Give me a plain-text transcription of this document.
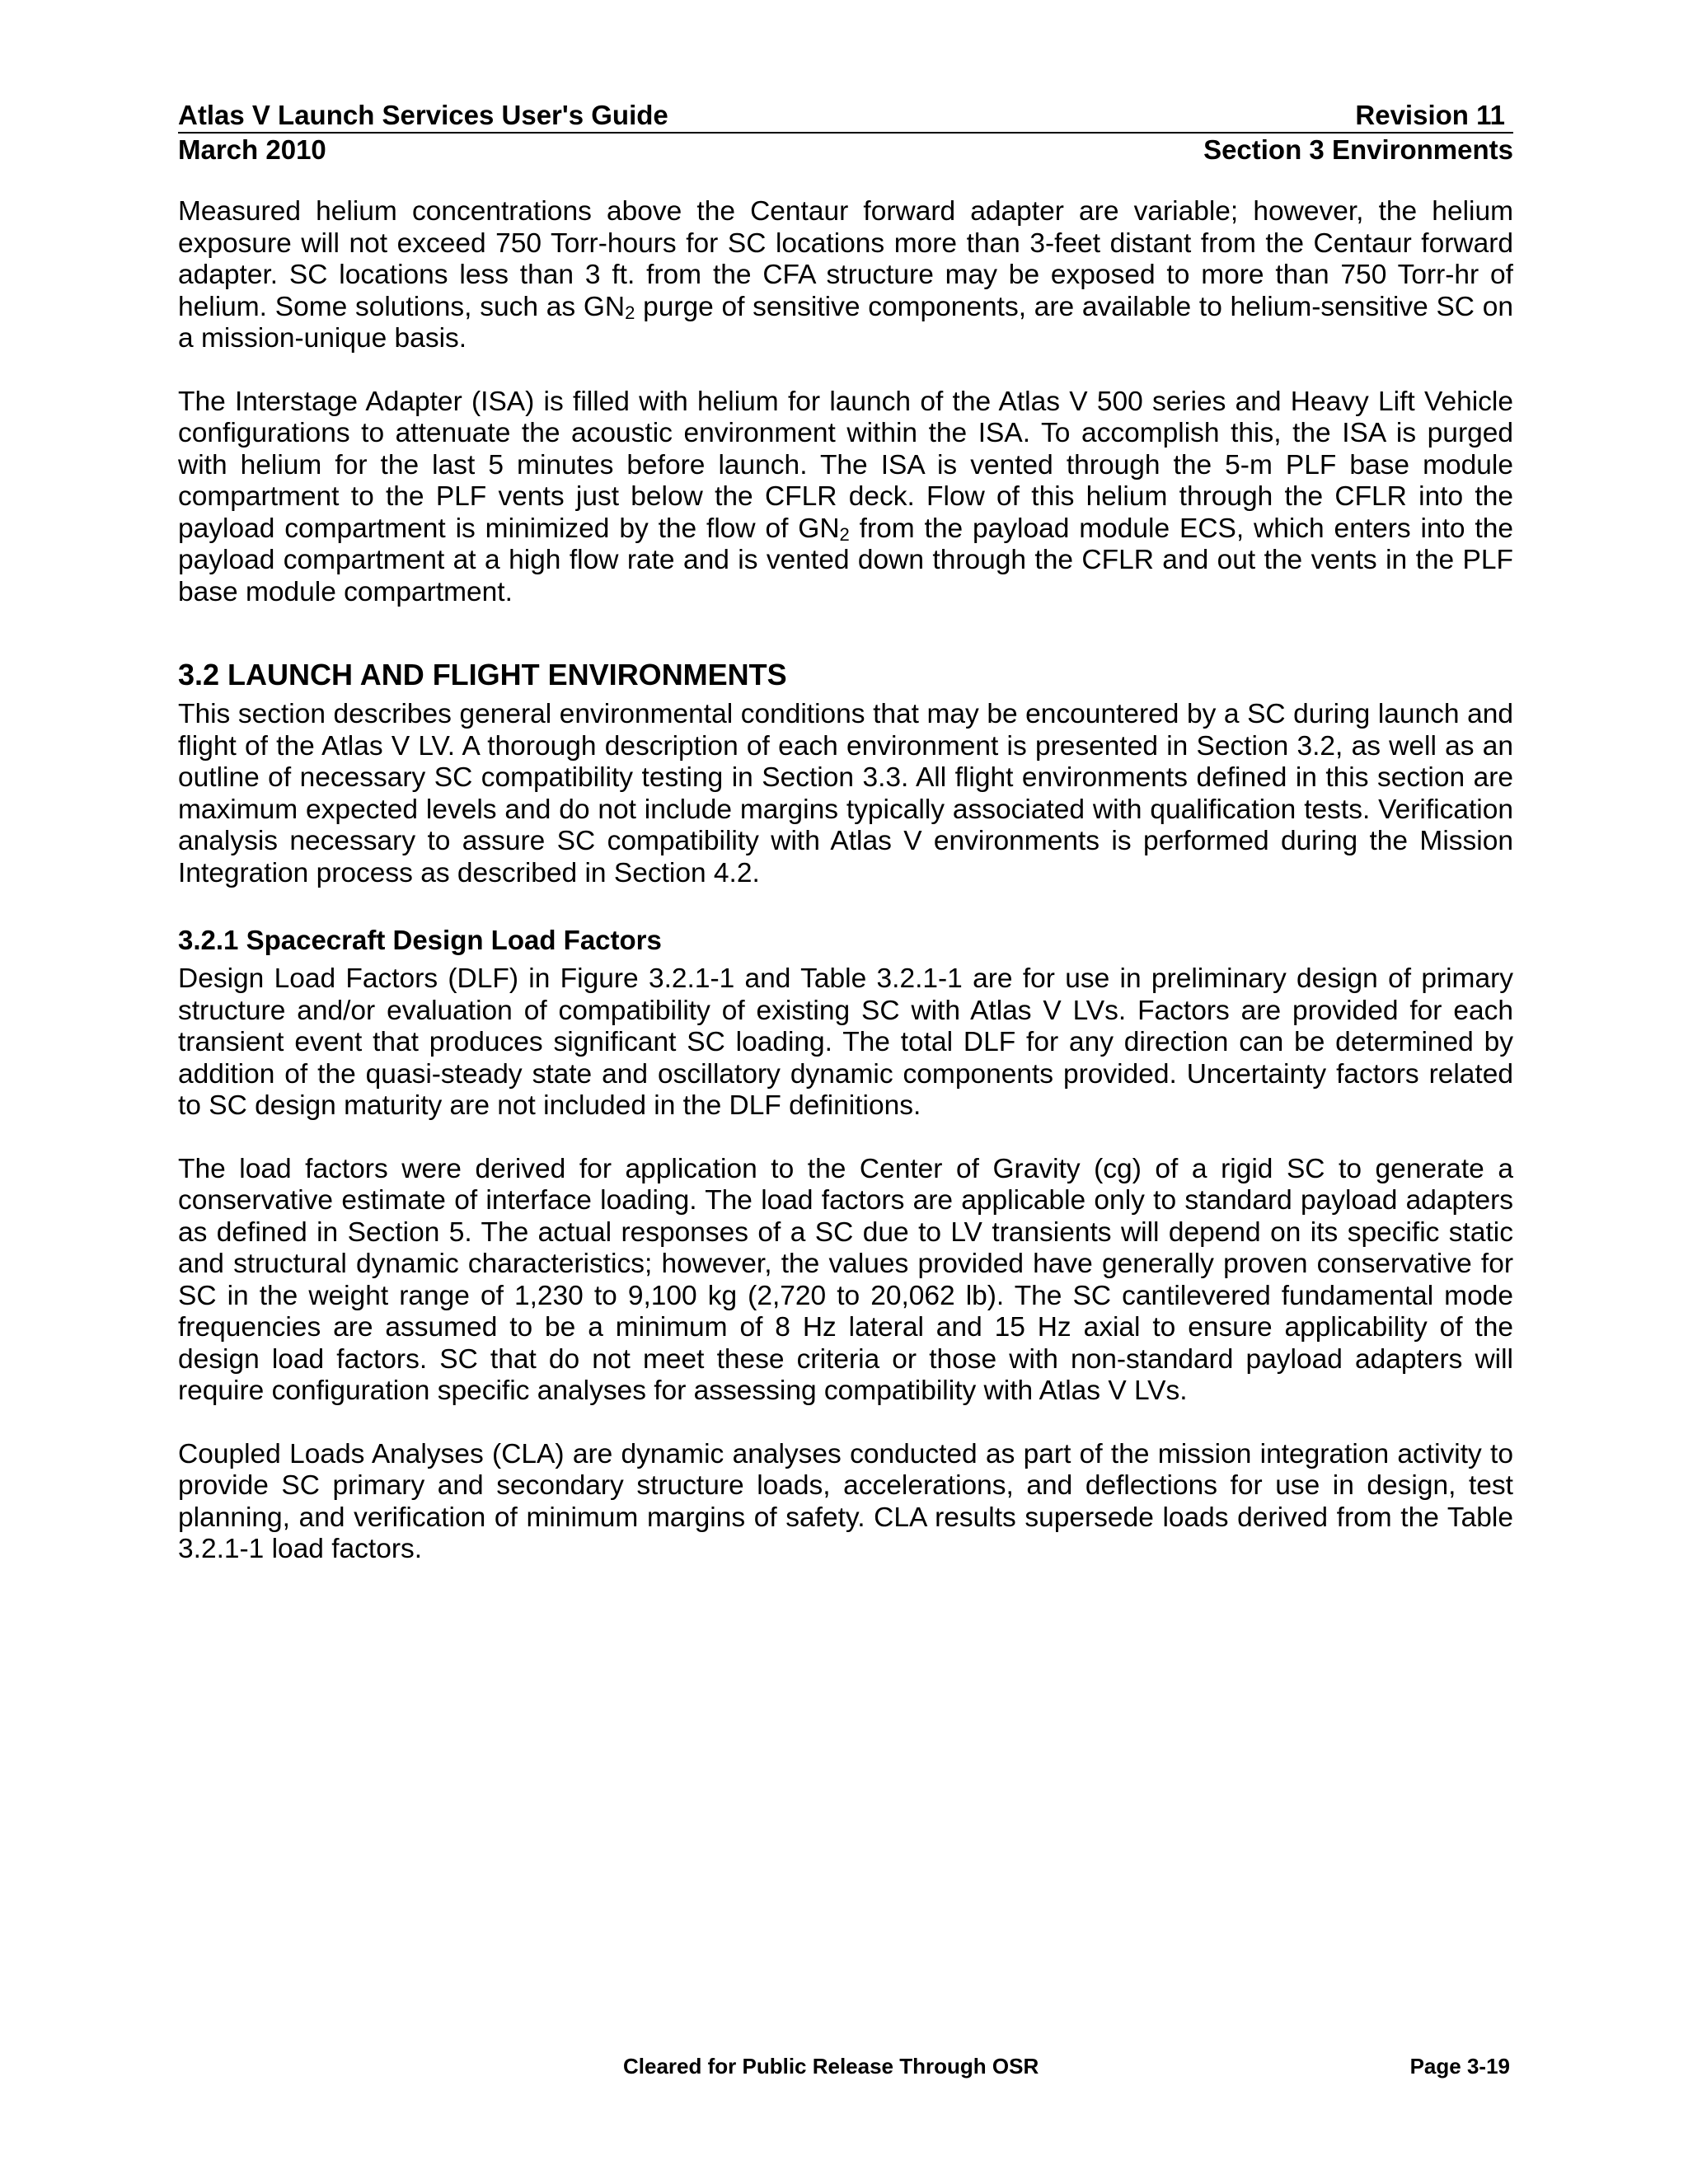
Atlas V Launch Services User's Guide	Revision 11
March 2010	Section 3 Environments

Measured helium concentrations above the Centaur forward adapter are variable; however, the helium exposure will not exceed 750 Torr-hours for SC locations more than 3-feet distant from the Centaur forward adapter. SC locations less than 3 ft. from the CFA structure may be exposed to more than 750 Torr-hr of helium. Some solutions, such as $GN_2$ purge of sensitive components, are available to helium-sensitive SC on a mission-unique basis.

The Interstage Adapter (ISA) is filled with helium for launch of the Atlas V 500 series and Heavy Lift Vehicle configurations to attenuate the acoustic environment within the ISA. To accomplish this, the ISA is purged with helium for the last 5 minutes before launch. The ISA is vented through the 5-m PLF base module compartment to the PLF vents just below the CFLR deck. Flow of this helium through the CFLR into the payload compartment is minimized by the flow of $GN_2$ from the payload module ECS, which enters into the payload compartment at a high flow rate and is vented down through the CFLR and out the vents in the PLF base module compartment.

3.2 LAUNCH AND FLIGHT ENVIRONMENTS

This section describes general environmental conditions that may be encountered by a SC during launch and flight of the Atlas V LV. A thorough description of each environment is presented in Section 3.2, as well as an outline of necessary SC compatibility testing in Section 3.3. All flight environments defined in this section are maximum expected levels and do not include margins typically associated with qualification tests. Verification analysis necessary to assure SC compatibility with Atlas V environments is performed during the Mission Integration process as described in Section 4.2.

3.2.1 Spacecraft Design Load Factors

Design Load Factors (DLF) in Figure 3.2.1-1 and Table 3.2.1-1 are for use in preliminary design of primary structure and/or evaluation of compatibility of existing SC with Atlas V LVs. Factors are provided for each transient event that produces significant SC loading. The total DLF for any direction can be determined by addition of the quasi-steady state and oscillatory dynamic components provided. Uncertainty factors related to SC design maturity are not included in the DLF definitions.

The load factors were derived for application to the Center of Gravity (cg) of a rigid SC to generate a conservative estimate of interface loading. The load factors are applicable only to standard payload adapters as defined in Section 5. The actual responses of a SC due to LV transients will depend on its specific static and structural dynamic characteristics; however, the values provided have generally proven conservative for SC in the weight range of 1,230 to 9,100 kg (2,720 to 20,062 lb). The SC cantilevered fundamental mode frequencies are assumed to be a minimum of 8 Hz lateral and 15 Hz axial to ensure applicability of the design load factors. SC that do not meet these criteria or those with non-standard payload adapters will require configuration specific analyses for assessing compatibility with Atlas V LVs.

Coupled Loads Analyses (CLA) are dynamic analyses conducted as part of the mission integration activity to provide SC primary and secondary structure loads, accelerations, and deflections for use in design, test planning, and verification of minimum margins of safety. CLA results supersede loads derived from the Table 3.2.1-1 load factors.

Cleared for Public Release Through OSR	Page 3-19
